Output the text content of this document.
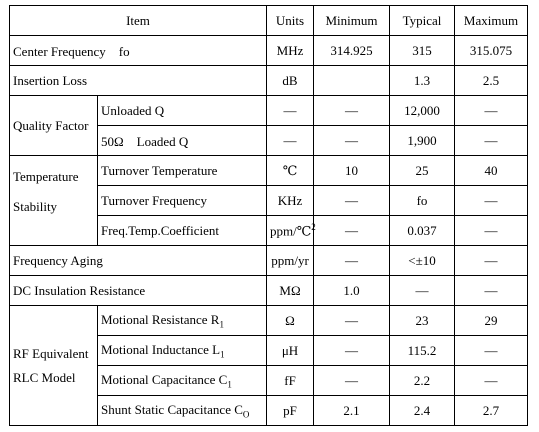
Item		Units	Minimum	Typical	Maximum
Center Frequency　fo		MHz	314.925	315	315.075
Insertion Loss		dB		1.3	2.5
Quality Factor	Unloaded Q	—	—	12,000	—
	50Ω　Loaded Q	—	—	1,900	—

Temperature
Stability	Turnover Temperature	℃	10	25	40
	Turnover Frequency	KHz	—	fo	—
	Freq.Temp.Coefficient	ppm/℃$^2$	—	0.037	—
Frequency Aging		ppm/yr	—	<±10	—
DC Insulation Resistance		MΩ	1.0	—	—

RF Equivalent
RLC Model	Motional Resistance $R_1$	Ω	—	23	29
	Motional Inductance $L_1$	μH	—	115.2	—
	Motional Capacitance $C_1$	fF	—	2.2	—
	Shunt Static Capacitance $C_O$	pF	2.1	2.4	2.7
